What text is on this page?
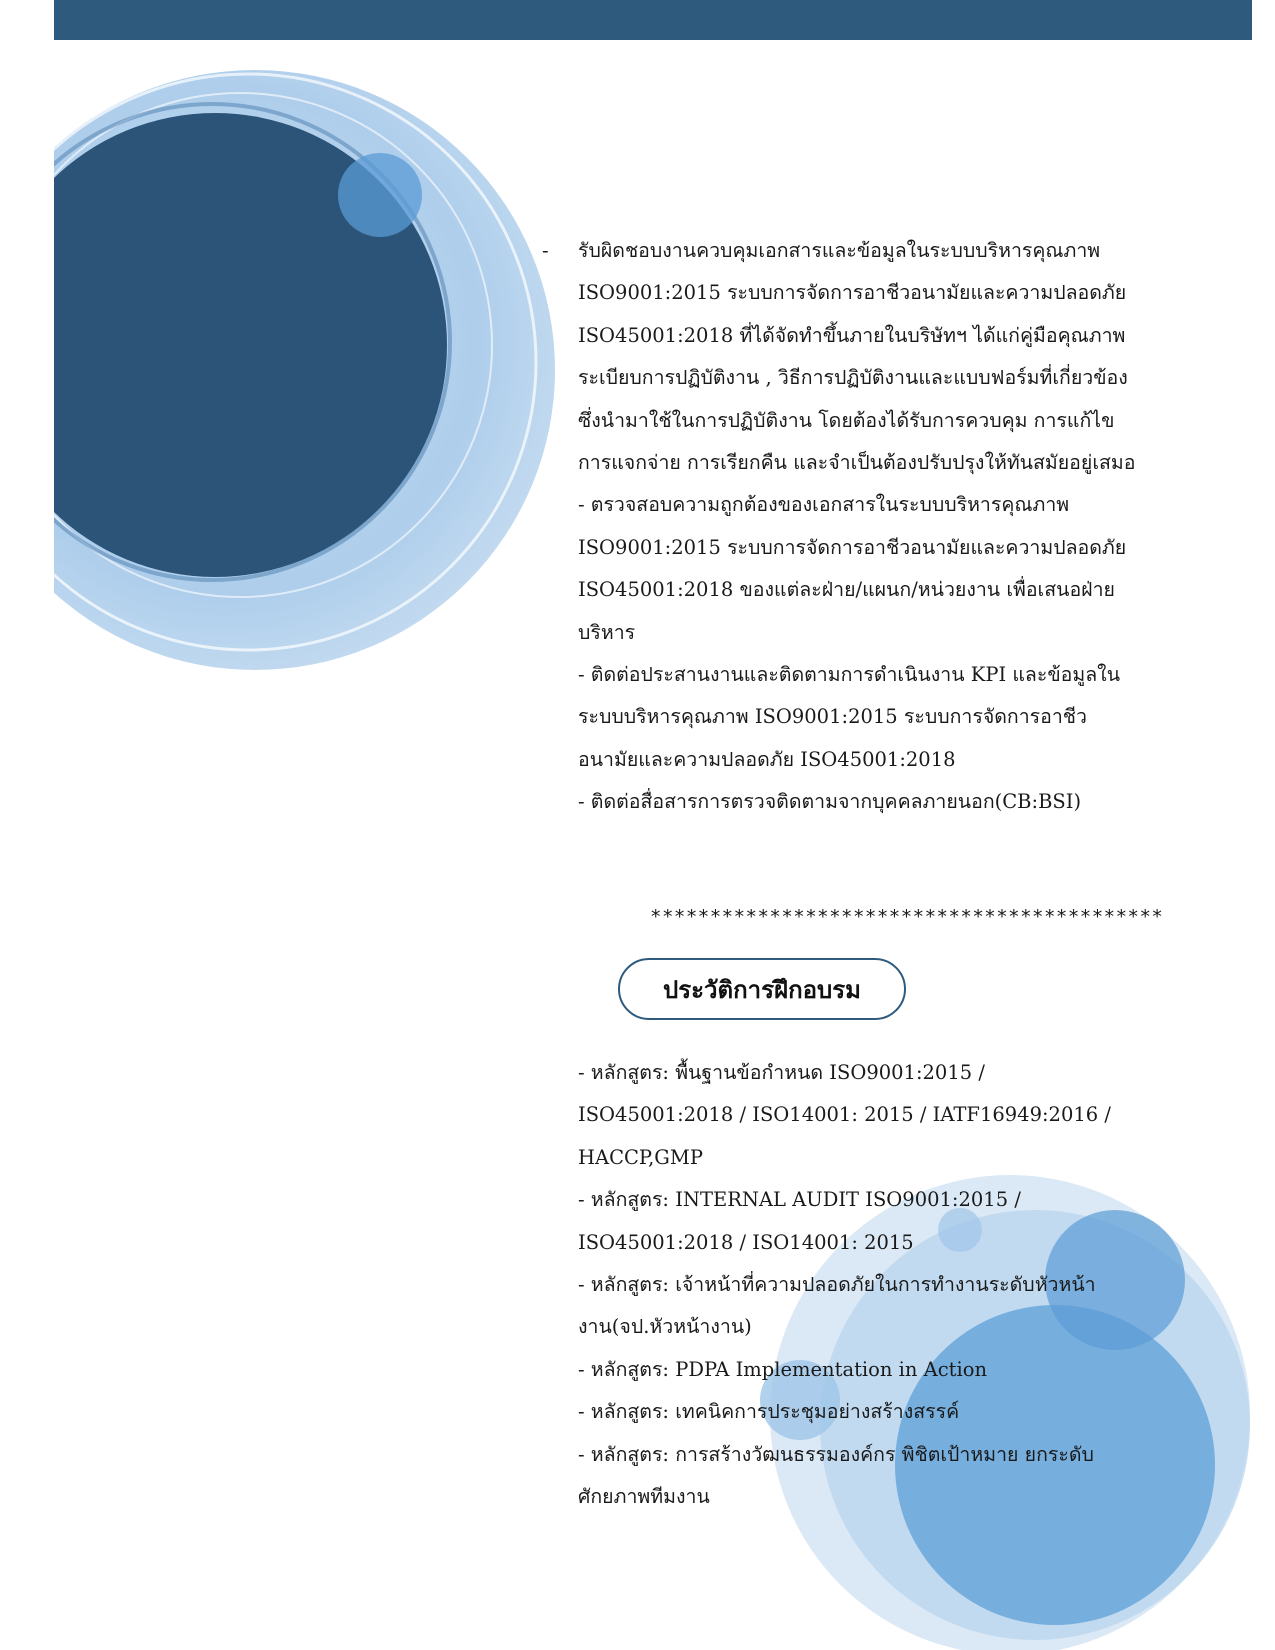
- รับผิดชอบงานควบคุมเอกสารและข้อมูลในระบบบริหารคุณภาพ ISO9001:2015 ระบบการจัดการอาชีวอนามัยและความปลอดภัย ISO45001:2018 ที่ได้จัดทำขึ้นภายในบริษัทฯ ได้แก่คู่มือคุณภาพ ระเบียบการปฏิบัติงาน , วิธีการปฏิบัติงานและแบบฟอร์มที่เกี่ยวข้อง ซึ่งนำมาใช้ในการปฏิบัติงาน โดยต้องได้รับการควบคุม การแก้ไข การแจกจ่าย การเรียกคืน และจำเป็นต้องปรับปรุงให้ทันสมัยอยู่เสมอ
- ตรวจสอบความถูกต้องของเอกสารในระบบบริหารคุณภาพ ISO9001:2015 ระบบการจัดการอาชีวอนามัยและความปลอดภัย ISO45001:2018 ของแต่ละฝ่าย/แผนก/หน่วยงาน เพื่อเสนอฝ่ายบริหาร
- ติดต่อประสานงานและติดตามการดำเนินงาน KPI และข้อมูลในระบบบริหารคุณภาพ ISO9001:2015 ระบบการจัดการอาชีวอนามัยและความปลอดภัย ISO45001:2018
- ติดต่อสื่อสารการตรวจติดตามจากบุคคลภายนอก(CB:BSI)
*******************************************
ประวัติการฝึกอบรม
- หลักสูตร: พื้นฐานข้อกำหนด ISO9001:2015 / ISO45001:2018 / ISO14001: 2015 / IATF16949:2016 / HACCP,GMP
- หลักสูตร: INTERNAL AUDIT ISO9001:2015 / ISO45001:2018 / ISO14001: 2015
- หลักสูตร: เจ้าหน้าที่ความปลอดภัยในการทำงานระดับหัวหน้างาน(จป.หัวหน้างาน)
- หลักสูตร: PDPA Implementation in Action
- หลักสูตร: เทคนิคการประชุมอย่างสร้างสรรค์
- หลักสูตร: การสร้างวัฒนธรรมองค์กร พิชิตเป้าหมาย ยกระดับศักยภาพทีมงาน
